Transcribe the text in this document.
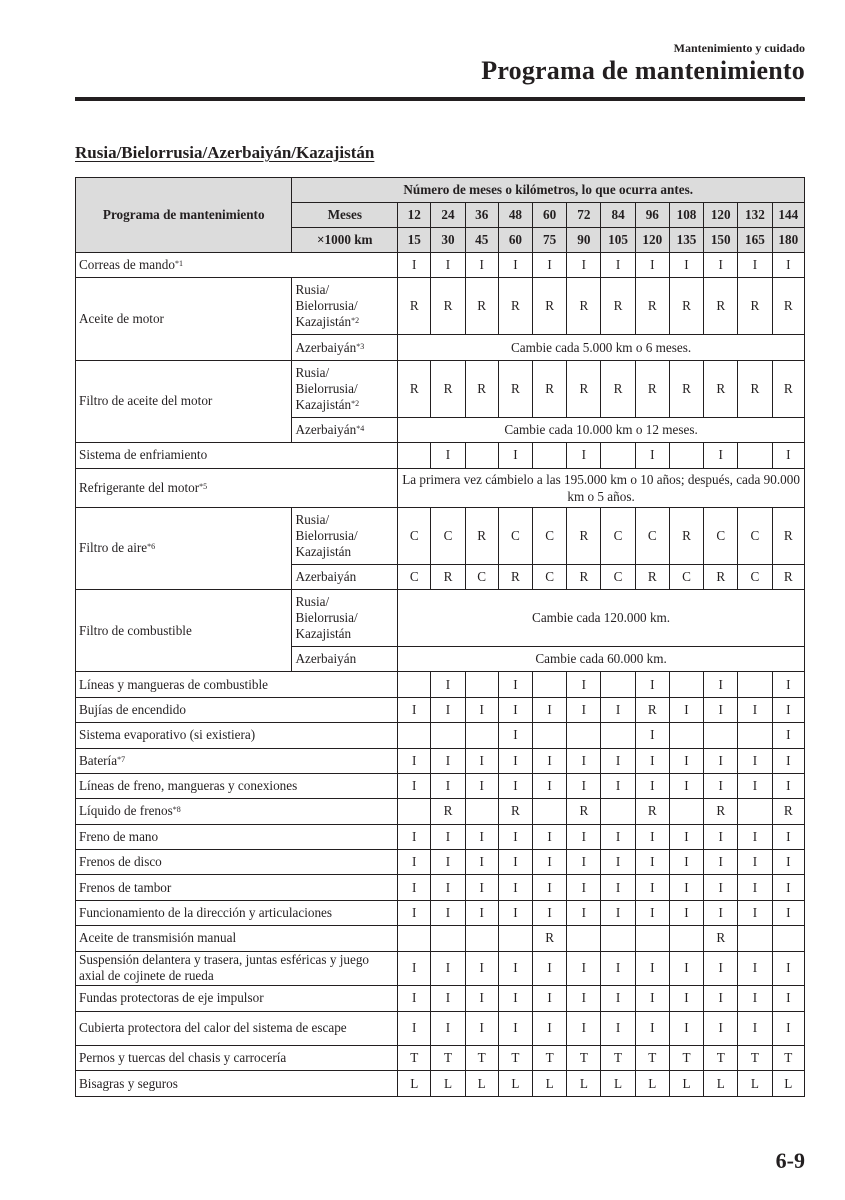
Mantenimiento y cuidado
Programa de mantenimiento
Rusia/Bielorrusia/Azerbaiyán/Kazajistán
Programa de mantenimiento	Número de meses o kilómetros, lo que ocurra antes.												
	Meses	12	24	36	48	60	72	84	96	108	120	132	144
	×1000 km	15	30	45	60	75	90	105	120	135	150	165	180
Correas de mando$^{*1}$		I	I	I	I	I	I	I	I	I	I	I	I
Aceite de motor	Rusia/
Bielorrusia/
Kazajistán$^{*2}$	R	R	R	R	R	R	R	R	R	R	R	R
	Azerbaiyán$^{*3}$	Cambie cada 5.000 km o 6 meses.											
Filtro de aceite del motor	Rusia/
Bielorrusia/
Kazajistán$^{*2}$	R	R	R	R	R	R	R	R	R	R	R	R
	Azerbaiyán$^{*4}$	Cambie cada 10.000 km o 12 meses.											
Sistema de enfriamiento			I		I		I		I		I		I
Refrigerante del motor$^{*5}$		La primera vez cámbielo a las 195.000 km o 10 años; después, cada 90.000 km o 5 años.											
Filtro de aire$^{*6}$	Rusia/
Bielorrusia/
Kazajistán	C	C	R	C	C	R	C	C	R	C	C	R
	Azerbaiyán	C	R	C	R	C	R	C	R	C	R	C	R
Filtro de combustible	Rusia/
Bielorrusia/
Kazajistán	Cambie cada 120.000 km.											
	Azerbaiyán	Cambie cada 60.000 km.											
Líneas y mangueras de combustible			I		I		I		I		I		I
Bujías de encendido		I	I	I	I	I	I	I	R	I	I	I	I
Sistema evaporativo (si existiera)					I				I				I
Batería$^{*7}$		I	I	I	I	I	I	I	I	I	I	I	I
Líneas de freno, mangueras y conexiones		I	I	I	I	I	I	I	I	I	I	I	I
Líquido de frenos$^{*8}$			R		R		R		R		R		R
Freno de mano		I	I	I	I	I	I	I	I	I	I	I	I
Frenos de disco		I	I	I	I	I	I	I	I	I	I	I	I
Frenos de tambor		I	I	I	I	I	I	I	I	I	I	I	I
Funcionamiento de la dirección y articulaciones		I	I	I	I	I	I	I	I	I	I	I	I
Aceite de transmisión manual						R					R		
Suspensión delantera y trasera, juntas esféricas y juego axial de cojinete de rueda		I	I	I	I	I	I	I	I	I	I	I	I
Fundas protectoras de eje impulsor		I	I	I	I	I	I	I	I	I	I	I	I
Cubierta protectora del calor del sistema de escape		I	I	I	I	I	I	I	I	I	I	I	I
Pernos y tuercas del chasis y carrocería		T	T	T	T	T	T	T	T	T	T	T	T
Bisagras y seguros		L	L	L	L	L	L	L	L	L	L	L	L
6-9
